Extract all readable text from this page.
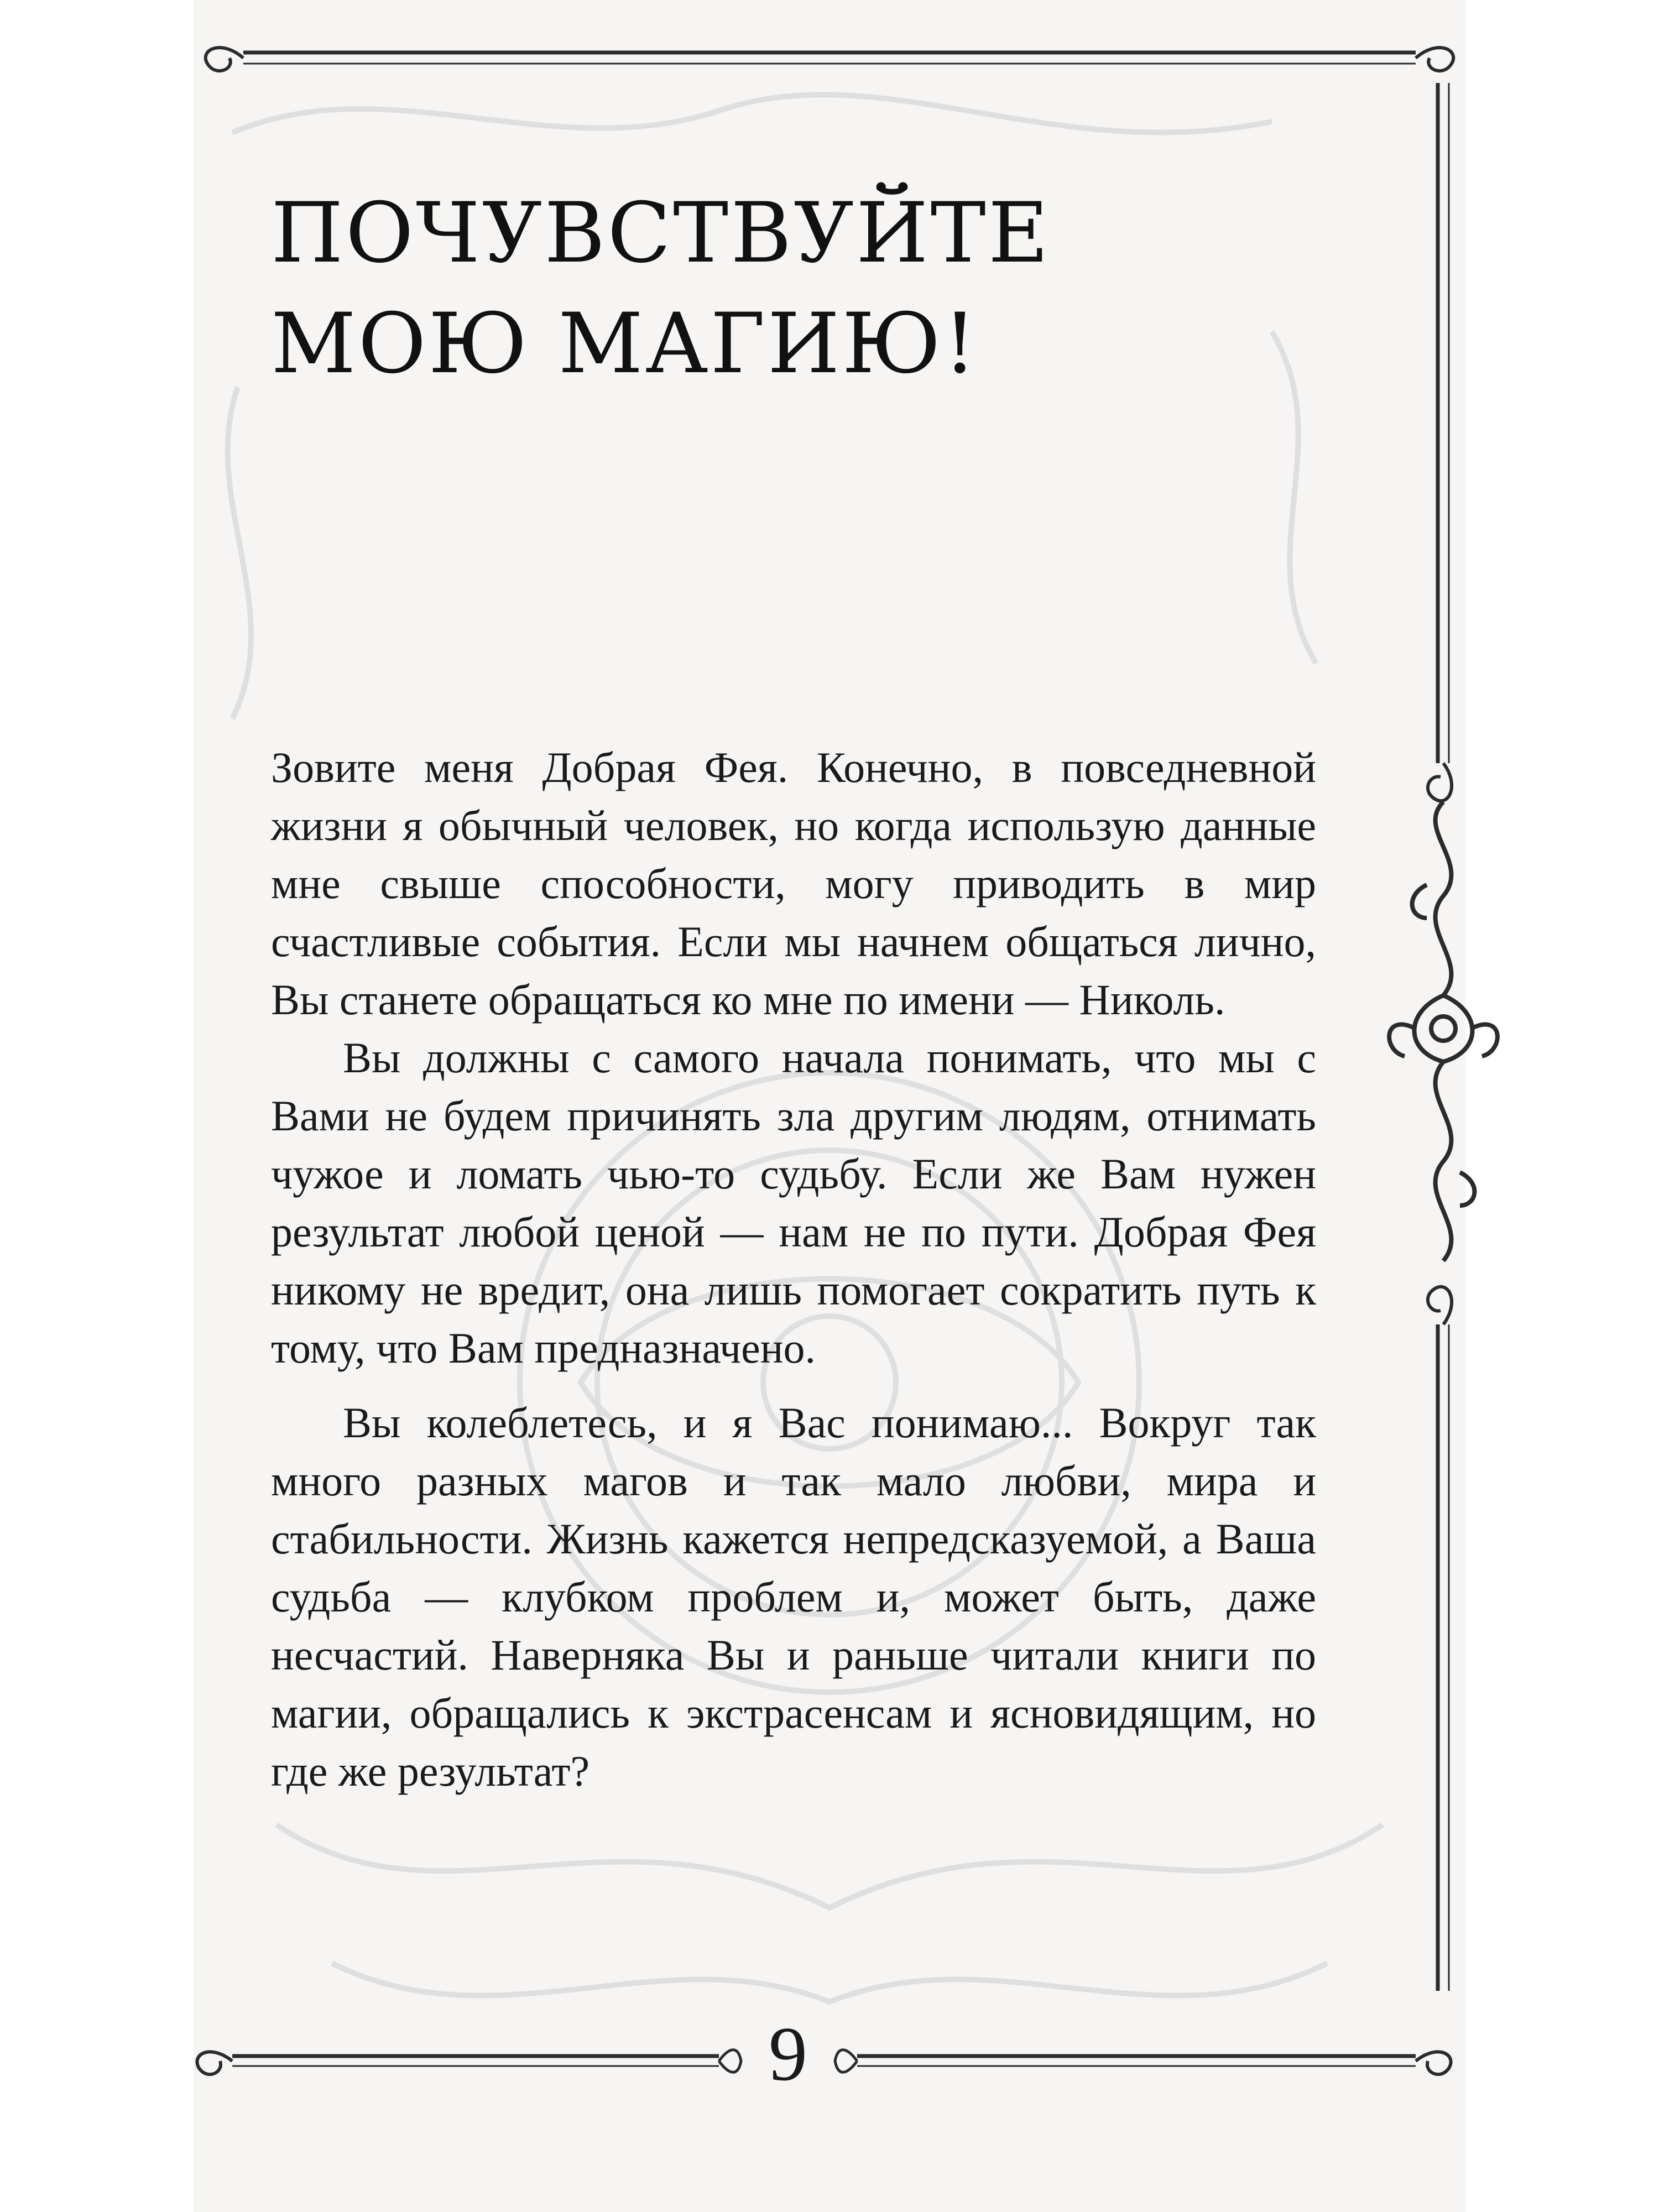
ПОЧУВСТВУЙТЕ
МОЮ МАГИЮ!

Зовите меня Добрая Фея. Конечно, в повседневной жизни я обычный человек, но когда использую данные мне свыше способности, могу приводить в мир счастливые события. Если мы начнем общаться лично, Вы станете обращаться ко мне по имени — Николь.

Вы должны с самого начала понимать, что мы с Вами не будем причинять зла другим людям, отнимать чужое и ломать чью-то судьбу. Если же Вам нужен результат любой ценой — нам не по пути. Добрая Фея никому не вредит, она лишь помогает сократить путь к тому, что Вам предназначено.

Вы колеблетесь, и я Вас понимаю... Вокруг так много разных магов и так мало любви, мира и стабильности. Жизнь кажется непредсказуемой, а Ваша судьба — клубком проблем и, может быть, даже несчастий. Наверняка Вы и раньше читали книги по магии, обращались к экстрасенсам и ясновидящим, но где же результат?

9
